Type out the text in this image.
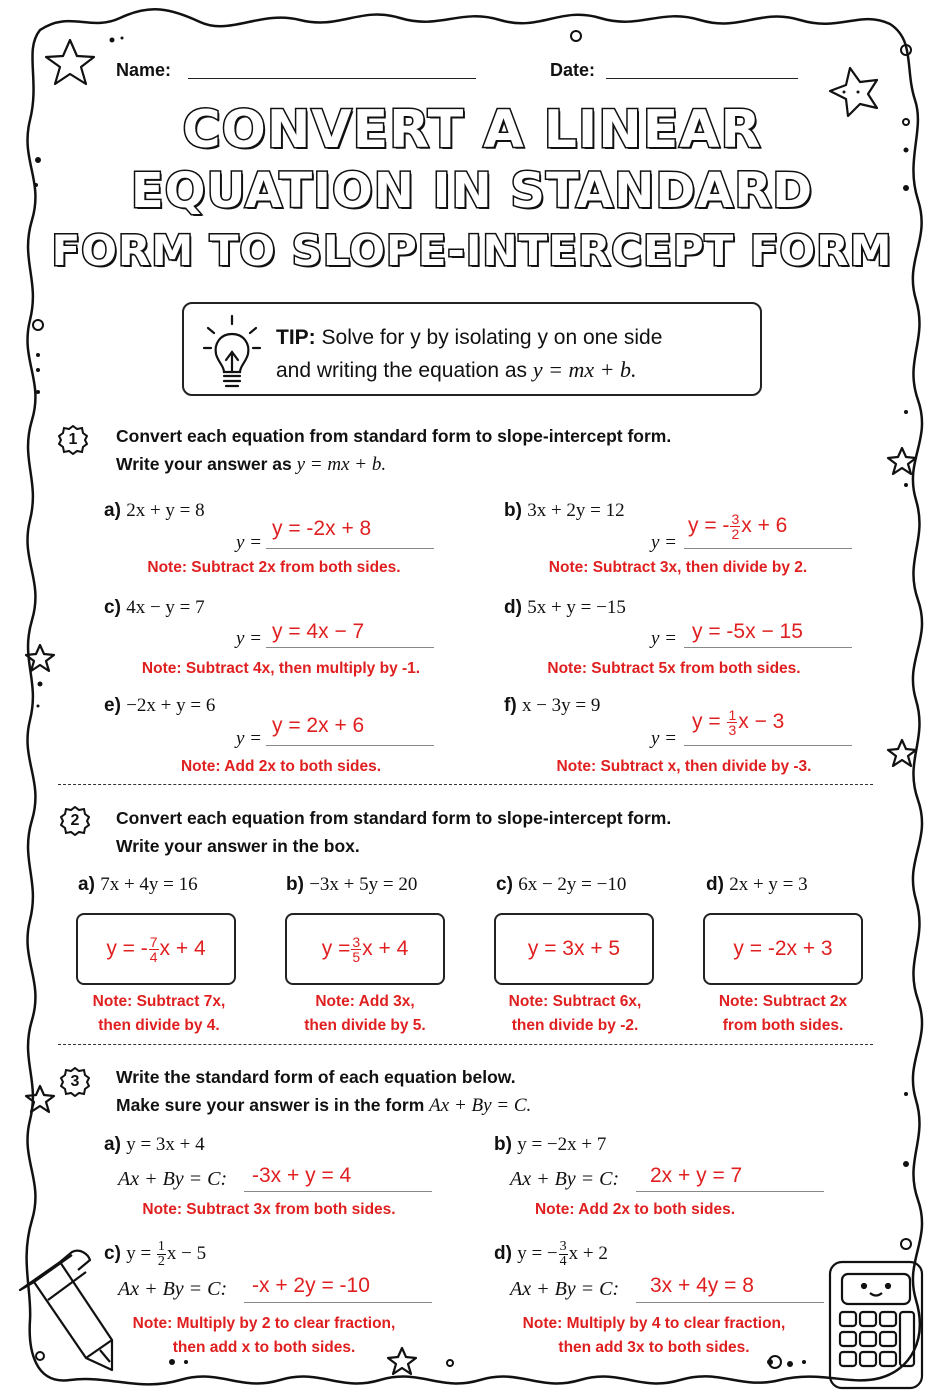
Name:	Date:
CONVERT A LINEAR
EQUATION IN STANDARD
FORM TO SLOPE-INTERCEPT FORM
TIP: Solve for y by isolating y on one side
and writing the equation as y = mx + b.
1	Convert each equation from standard form to slope-intercept form.
Write your answer as y = mx + b.
a) 2x + y = 8
y =
y = -2x + 8
Note: Subtract 2x from both sides.
b) 3x + 2y = 12
y =
y = - $\frac{3}{2}x + 6$
Note: Subtract 3x, then divide by 2.
c) 4x − y = 7
y = y = 4x − 7
Note: Subtract 4x, then multiply by -1.
d) 5x + y = −15
y = y = -5x − 15
Note: Subtract 5x from both sides.
e) −2x + y = 6
y =
y = 2x + 6
Note: Add 2x to both sides.
f) x − 3y = 9
y =
$y = \frac{1}{3}x - 3$
Note: Subtract x, then divide by -3.
2	Convert each equation from standard form to slope-intercept form.
Write your answer in the box.
a) 7x + 4y = 16	b) −3x + 5y = 20	c) 6x − 2y = −10	d) 2x + y = 3
y = - $\frac{7}{4}$ x + 4	$y = \frac{3}{5}$ x + 4	y = 3x + 5	y = -2x + 3
Note: Subtract 7x,
then divide by 4.
Note: Add 3x,
then divide by 5.
Note: Subtract 6x,
then divide by -2.
Note: Subtract 2x
from both sides.
3	Write the standard form of each equation below.
Make sure your answer is in the form Ax + By = C.
a) y = 3x + 4
Ax + By = C: -3x + y = 4
Note: Subtract 3x from both sides.
b) y = −2x + 7
Ax + By = C: 2x + y = 7
Note: Add 2x to both sides.
c) $y = \frac{1}{2}x - 5$
Ax + By = C: -x + 2y = -10
Note: Multiply by 2 to clear fraction,
then add x to both sides.
d) y = − $\frac{3}{4}x + 2$
Ax + By = C: 3x + 4y = 8
Note: Multiply by 4 to clear fraction,
then add 3x to both sides.
